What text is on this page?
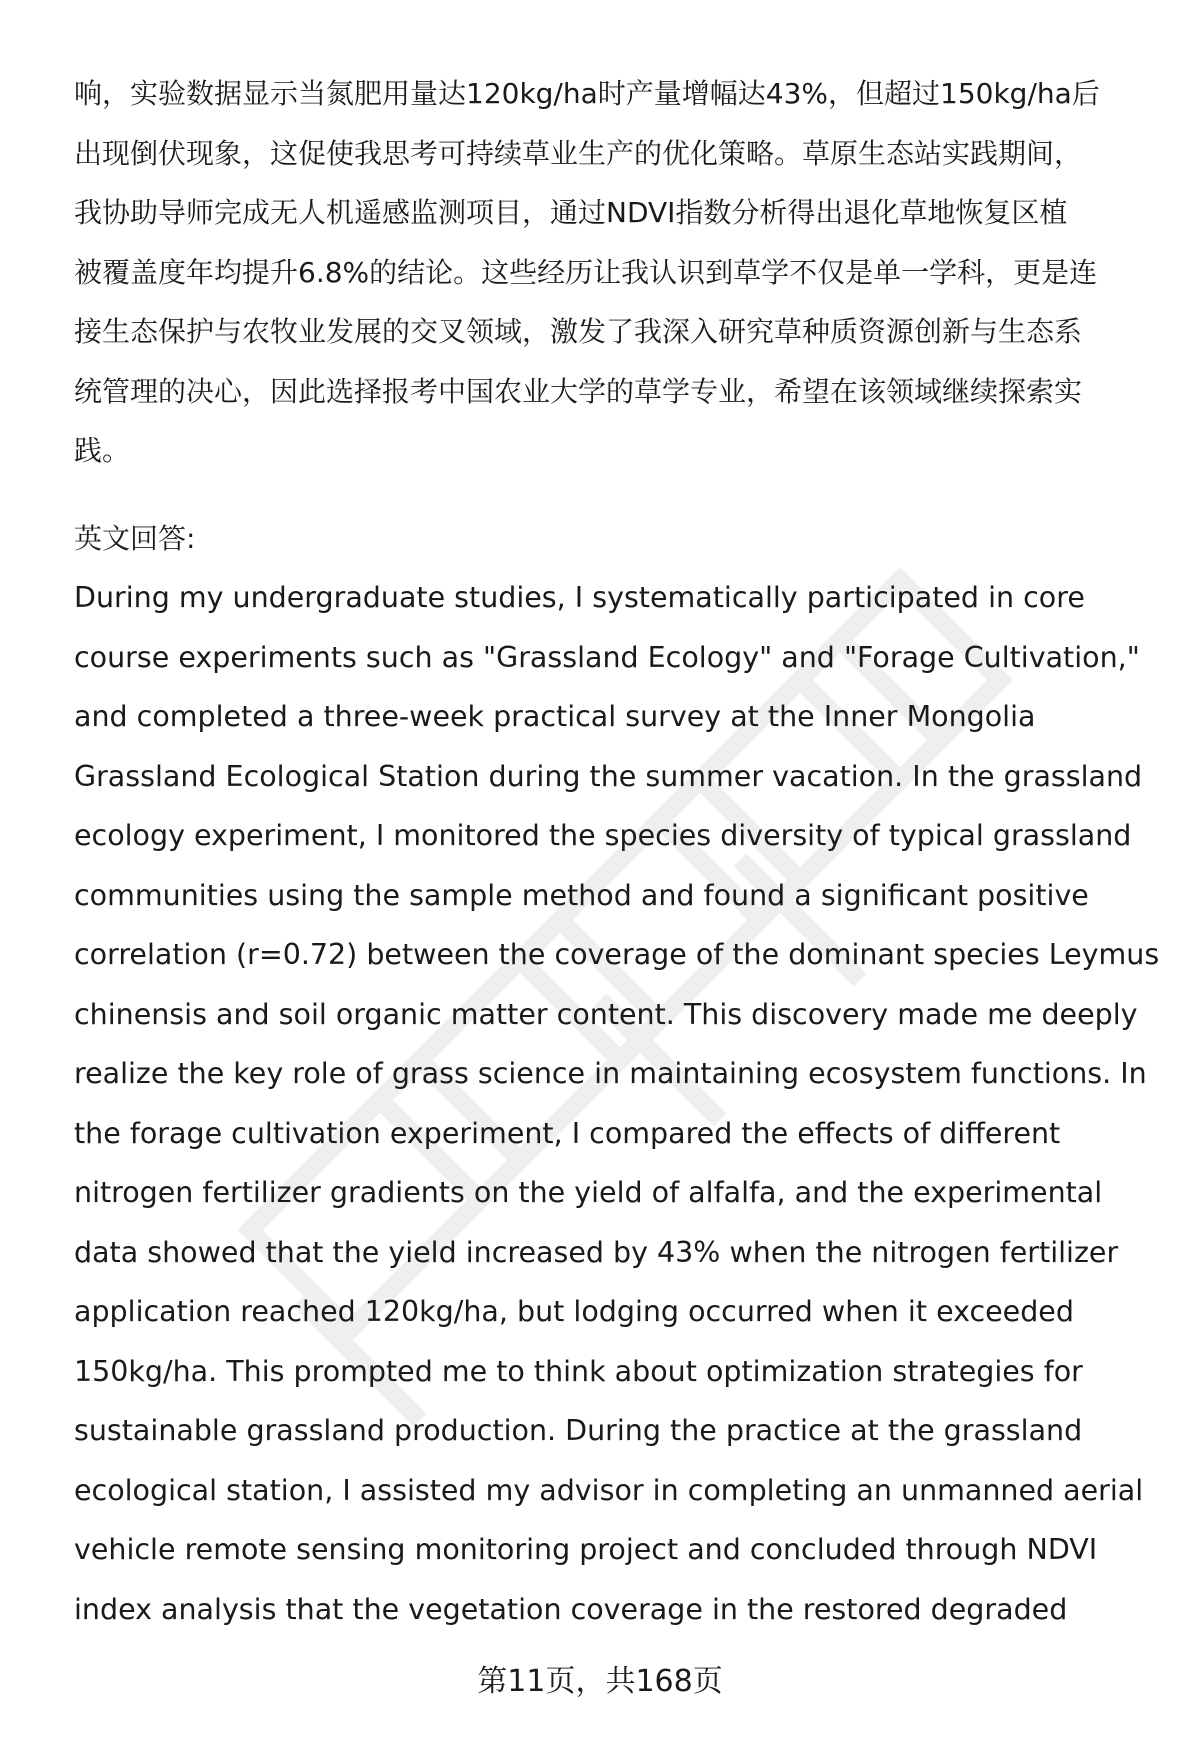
响，实验数据显示当氮肥用量达120kg/ha时产量增幅达43%，但超过150kg/ha后
出现倒伏现象，这促使我思考可持续草业生产的优化策略。草原生态站实践期间，
我协助导师完成无人机遥感监测项目，通过NDVI指数分析得出退化草地恢复区植
被覆盖度年均提升6.8%的结论。这些经历让我认识到草学不仅是单一学科，更是连
接生态保护与农牧业发展的交叉领域，激发了我深入研究草种质资源创新与生态系
统管理的决心，因此选择报考中国农业大学的草学专业，希望在该领域继续探索实
践。

英文回答:

During my undergraduate studies, I systematically participated in core
course experiments such as "Grassland Ecology" and "Forage Cultivation,"
and completed a three-week practical survey at the Inner Mongolia
Grassland Ecological Station during the summer vacation. In the grassland
ecology experiment, I monitored the species diversity of typical grassland
communities using the sample method and found a significant positive
correlation (r=0.72) between the coverage of the dominant species Leymus
chinensis and soil organic matter content. This discovery made me deeply
realize the key role of grass science in maintaining ecosystem functions. In
the forage cultivation experiment, I compared the effects of different
nitrogen fertilizer gradients on the yield of alfalfa, and the experimental
data showed that the yield increased by 43% when the nitrogen fertilizer
application reached 120kg/ha, but lodging occurred when it exceeded
150kg/ha. This prompted me to think about optimization strategies for
sustainable grassland production. During the practice at the grassland
ecological station, I assisted my advisor in completing an unmanned aerial
vehicle remote sensing monitoring project and concluded through NDVI
index analysis that the vegetation coverage in the restored degraded

第11页，共168页
